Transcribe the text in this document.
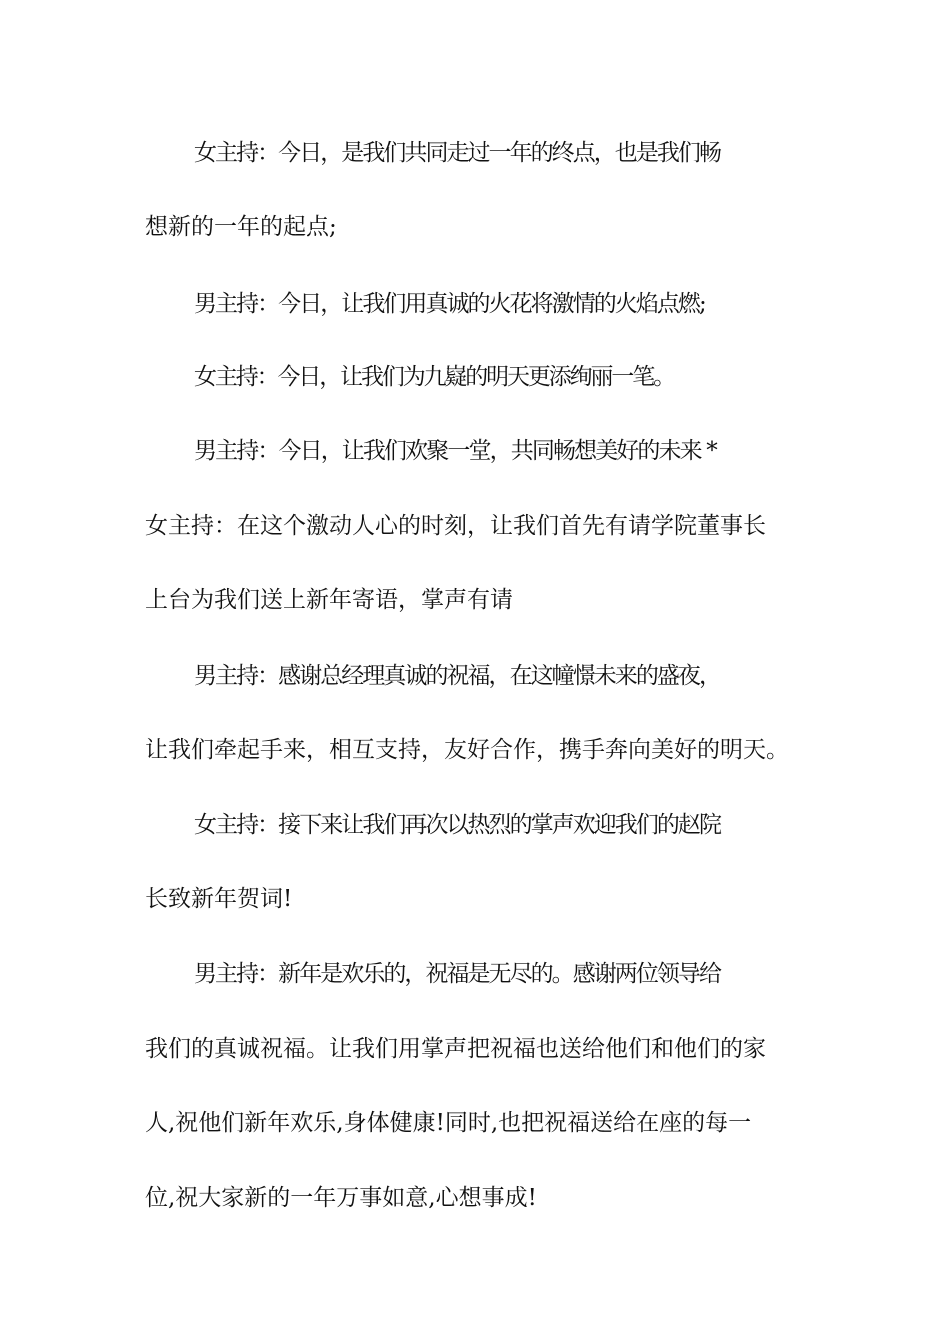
女主持：今日，是我们共同走过一年的终点，也是我们畅
想新的一年的起点;
男主持：今日，让我们用真诚的火花将激情的火焰点燃;
女主持：今日，让我们为九嶷的明天更添绚丽一笔。
男主持：今日，让我们欢聚一堂，共同畅想美好的未来 *
女主持：在这个激动人心的时刻，让我们首先有请学院董事长
上台为我们送上新年寄语，掌声有请
男主持：感谢总经理真诚的祝福，在这幢憬未来的盛夜，
让我们牵起手来，相互支持，友好合作，携手奔向美好的明天。
女主持：接下来让我们再次以热烈的掌声欢迎我们的赵院
长致新年贺词!
男主持：新年是欢乐的，祝福是无尽的。感谢两位领导给
我们的真诚祝福。让我们用掌声把祝福也送给他们和他们的家
人,祝他们新年欢乐,身体健康!同时,也把祝福送给在座的每一
位,祝大家新的一年万事如意,心想事成!
